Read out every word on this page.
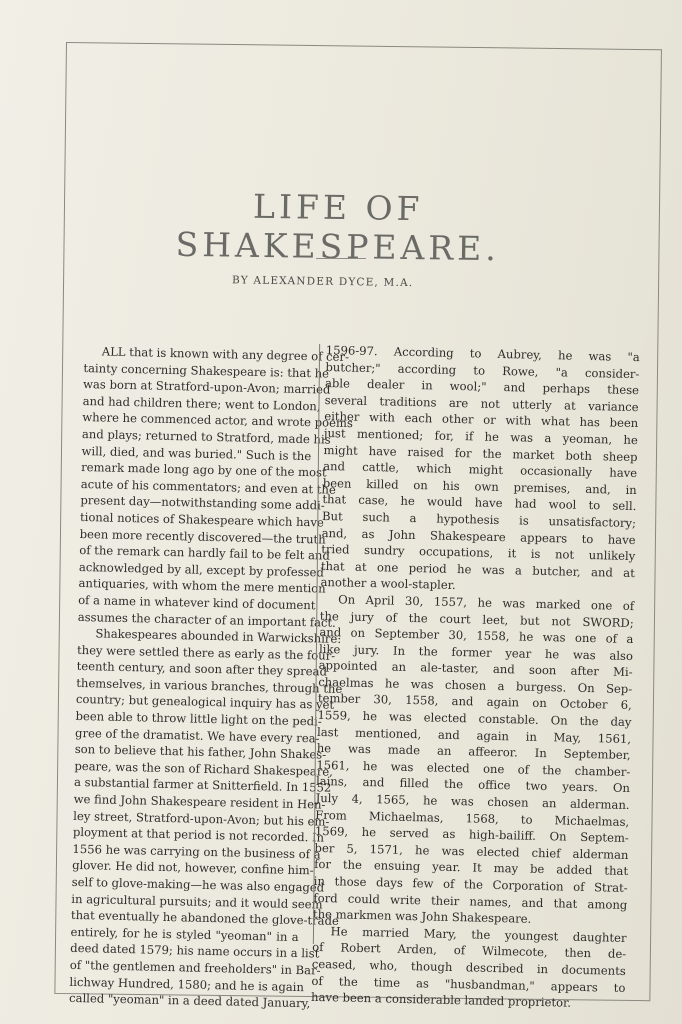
LIFE OF SHAKESPEARE.
BY ALEXANDER DYCE, M.A.
ALL that is known with any degree of cer-
tainty concerning Shakespeare is: that he
was born at Stratford-upon-Avon; married
and had children there; went to London,
where he commenced actor, and wrote poems
and plays; returned to Stratford, made his
will, died, and was buried." Such is the
remark made long ago by one of the most
acute of his commentators; and even at the
present day—notwithstanding some addi-
tional notices of Shakespeare which have
been more recently discovered—the truth
of the remark can hardly fail to be felt and
acknowledged by all, except by professed
antiquaries, with whom the mere mention
of a name in whatever kind of document
assumes the character of an important fact.
Shakespeares abounded in Warwickshire:
they were settled there as early as the four-
teenth century, and soon after they spread
themselves, in various branches, through the
country; but genealogical inquiry has as yet
been able to throw little light on the pedi-
gree of the dramatist. We have every rea-
son to believe that his father, John Shakes-
peare, was the son of Richard Shakespeare,
a substantial farmer at Snitterfield. In 1552
we find John Shakespeare resident in Hen-
ley street, Stratford-upon-Avon; but his em-
ployment at that period is not recorded. In
1556 he was carrying on the business of a
glover. He did not, however, confine him-
self to glove-making—he was also engaged
in agricultural pursuits; and it would seem
that eventually he abandoned the glove-trade
entirely, for he is styled "yeoman" in a
deed dated 1579; his name occurs in a list
of "the gentlemen and freeholders" in Bar-
lichway Hundred, 1580; and he is again
called "yeoman" in a deed dated January,
1596-97. According to Aubrey, he was "a
butcher;" according to Rowe, "a consider-
able dealer in wool;" and perhaps these
several traditions are not utterly at variance
either with each other or with what has been
just mentioned; for, if he was a yeoman, he
might have raised for the market both sheep
and cattle, which might occasionally have
been killed on his own premises, and, in
that case, he would have had wool to sell.
But such a hypothesis is unsatisfactory;
and, as John Shakespeare appears to have
tried sundry occupations, it is not unlikely
that at one period he was a butcher, and at
another a wool-stapler.
On April 30, 1557, he was marked one of
the jury of the court leet, but not SWORD;
and on September 30, 1558, he was one of a
like jury. In the former year he was also
appointed an ale-taster, and soon after Mi-
chaelmas he was chosen a burgess. On Sep-
tember 30, 1558, and again on October 6,
1559, he was elected constable. On the day
last mentioned, and again in May, 1561,
he was made an affeeror. In September,
1561, he was elected one of the chamber-
lains, and filled the office two years. On
July 4, 1565, he was chosen an alderman.
From Michaelmas, 1568, to Michaelmas,
1569, he served as high-bailiff. On Septem-
ber 5, 1571, he was elected chief alderman
for the ensuing year. It may be added that
in those days few of the Corporation of Strat-
ford could write their names, and that among
the markmen was John Shakespeare.
He married Mary, the youngest daughter
of Robert Arden, of Wilmecote, then de-
ceased, who, though described in documents
of the time as "husbandman," appears to
have been a considerable landed proprietor.
